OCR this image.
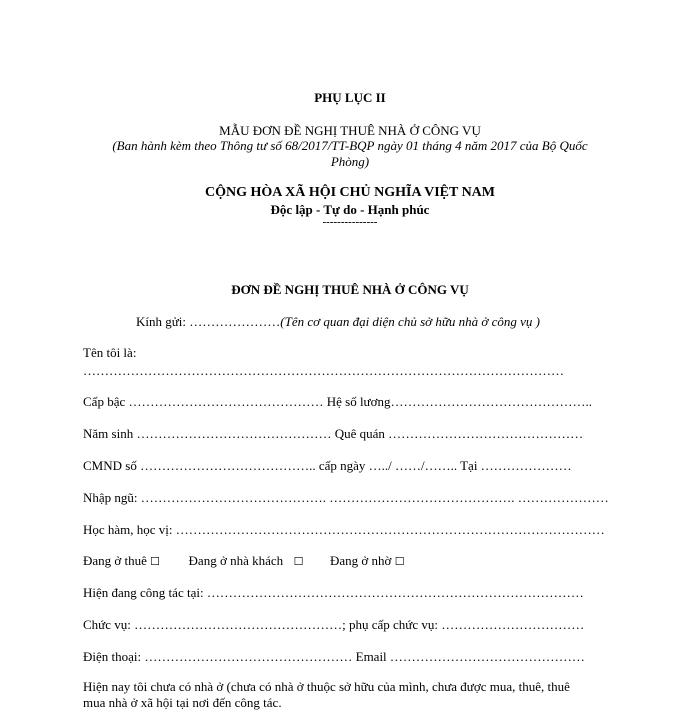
PHỤ LỤC II
MẪU ĐƠN ĐỀ NGHỊ THUÊ NHÀ Ở CÔNG VỤ
(Ban hành kèm theo Thông tư số 68/2017/TT-BQP ngày 01 tháng 4 năm 2017 của Bộ Quốc
Phòng)
CỘNG HÒA XÃ HỘI CHỦ NGHĨA VIỆT NAM
Độc lập - Tự do - Hạnh phúc
---------------
ĐƠN ĐỀ NGHỊ THUÊ NHÀ Ở CÔNG VỤ
Kính gửi: …………………(Tên cơ quan đại diện chủ sở hữu nhà ở công vụ )
Tên tôi là:
…………………………………………………………………………………………………
Cấp bậc ……………………………………… Hệ số lương………………………………………..
Năm sinh ……………………………………… Quê quán ………………………………………
CMND số ………………………………….. cấp ngày …../ ……/…….. Tại …………………
Nhập ngũ: ……………………………………. ……………………………………. …………………
Học hàm, học vị: ………………………………………………………………………………………
Đang ở thuê ☐ Đang ở nhà khách ☐ Đang ở nhờ ☐
Hiện đang công tác tại: ……………………………………………………………………………
Chức vụ: …………………………………………; phụ cấp chức vụ: ……………………………
Điện thoại: ………………………………………… Email ………………………………………
Hiện nay tôi chưa có nhà ở (chưa có nhà ở thuộc sở hữu của mình, chưa được mua, thuê, thuê
mua nhà ở xã hội tại nơi đến công tác.
